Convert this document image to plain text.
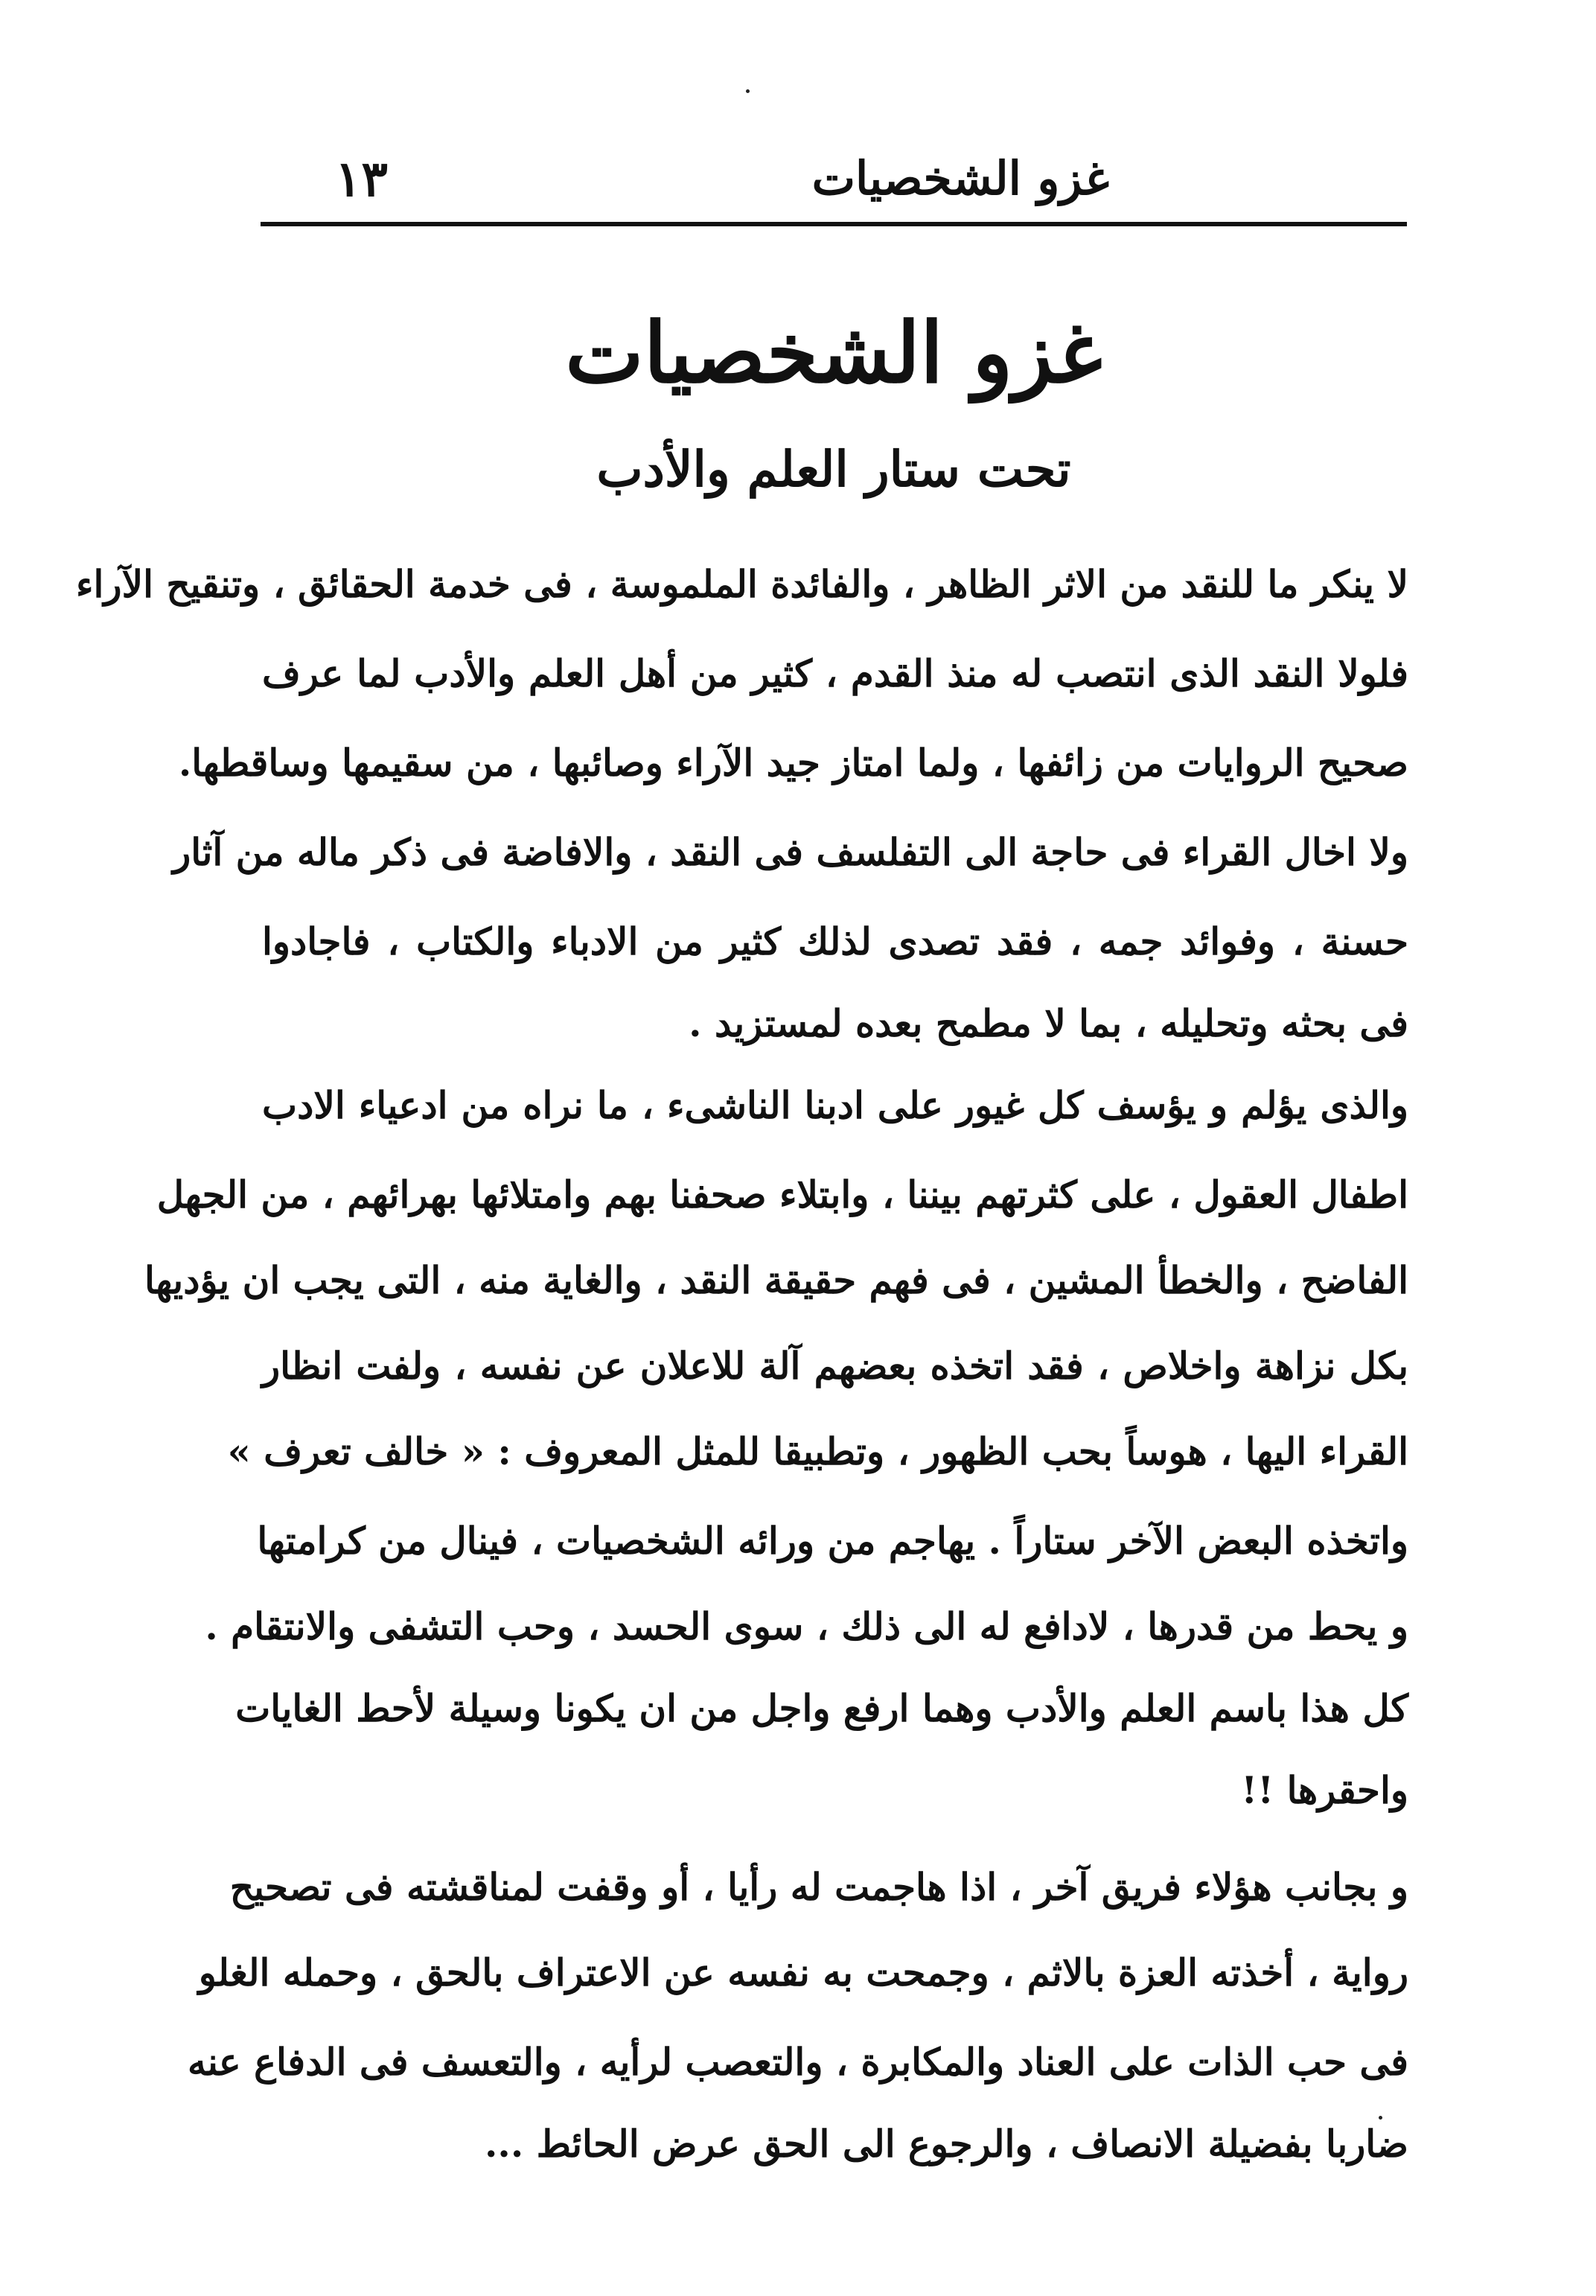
غزو الشخصيات
١٣
غزو الشخصيات
تحت ستار العلم والأدب
لا ينكر ما للنقد من الاثر الظاهر ، والفائدة الملموسة ، فى خدمة الحقائق ، وتنقيح الآراء
فلولا النقد الذى انتصب له منذ القدم ، كثير من أهل العلم والأدب لما عرف
صحيح الروايات من زائفها ، ولما امتاز جيد الآراء وصائبها ، من سقيمها وساقطها.
ولا اخال القراء فى حاجة الى التفلسف فى النقد ، والافاضة فى ذكر ماله من آثار
حسنة ، وفوائد جمه ، فقد تصدى لذلك كثير من الادباء والكتاب ، فاجادوا
فى بحثه وتحليله ، بما لا مطمح بعده لمستزيد .
والذى يؤلم و يؤسف كل غيور على ادبنا الناشىء ، ما نراه من ادعياء الادب
اطفال العقول ، على كثرتهم بيننا ، وابتلاء صحفنا بهم وامتلائها بهرائهم ، من الجهل
الفاضح ، والخطأ المشين ، فى فهم حقيقة النقد ، والغاية منه ، التى يجب ان يؤديها
بكل نزاهة واخلاص ، فقد اتخذه بعضهم آلة للاعلان عن نفسه ، ولفت انظار
القراء اليها ، هوساً بحب الظهور ، وتطبيقا للمثل المعروف : « خالف تعرف »
واتخذه البعض الآخر ستاراً . يهاجم من ورائه الشخصيات ، فينال من كرامتها
و يحط من قدرها ، لادافع له الى ذلك ، سوى الحسد ، وحب التشفى والانتقام .
كل هذا باسم العلم والأدب وهما ارفع واجل من ان يكونا وسيلة لأحط الغايات
واحقرها !!
و بجانب هؤلاء فريق آخر ، اذا هاجمت له رأيا ، أو وقفت لمناقشته فى تصحيح
رواية ، أخذته العزة بالاثم ، وجمحت به نفسه عن الاعتراف بالحق ، وحمله الغلو
فى حب الذات على العناد والمكابرة ، والتعصب لرأيه ، والتعسف فى الدفاع عنه
ضاربا بفضيلة الانصاف ، والرجوع الى الحق عرض الحائط ...
